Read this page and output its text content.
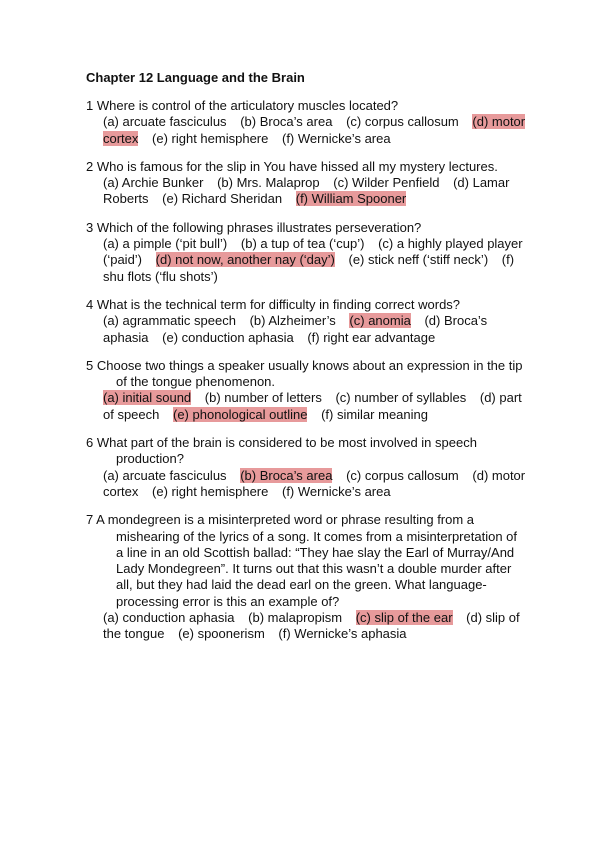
Chapter 12 Language and the Brain
1 Where is control of the articulatory muscles located?
(a) arcuate fasciculus (b) Broca’s area (c) corpus callosum (d) motor cortex (e) right hemisphere (f) Wernicke’s area
2 Who is famous for the slip in You have hissed all my mystery lectures.
(a) Archie Bunker (b) Mrs. Malaprop (c) Wilder Penfield (d) Lamar Roberts (e) Richard Sheridan (f) William Spooner
3 Which of the following phrases illustrates perseveration?
(a) a pimple (‘pit bull’) (b) a tup of tea (‘cup’) (c) a highly played player (‘paid’) (d) not now, another nay (‘day’) (e) stick neff (‘stiff neck’) (f) shu flots (‘flu shots’)
4 What is the technical term for difficulty in finding correct words?
(a) agrammatic speech (b) Alzheimer’s (c) anomia (d) Broca’s aphasia (e) conduction aphasia (f) right ear advantage
5 Choose two things a speaker usually knows about an expression in the tip of the tongue phenomenon.
(a) initial sound (b) number of letters (c) number of syllables (d) part of speech (e) phonological outline (f) similar meaning
6 What part of the brain is considered to be most involved in speech production?
(a) arcuate fasciculus (b) Broca’s area (c) corpus callosum (d) motor cortex (e) right hemisphere (f) Wernicke’s area
7 A mondegreen is a misinterpreted word or phrase resulting from a mishearing of the lyrics of a song. It comes from a misinterpretation of a line in an old Scottish ballad: “They hae slay the Earl of Murray/And Lady Mondegreen”. It turns out that this wasn’t a double murder after all, but they had laid the dead earl on the green. What language-processing error is this an example of?
(a) conduction aphasia (b) malapropism (c) slip of the ear (d) slip of the tongue (e) spoonerism (f) Wernicke’s aphasia
